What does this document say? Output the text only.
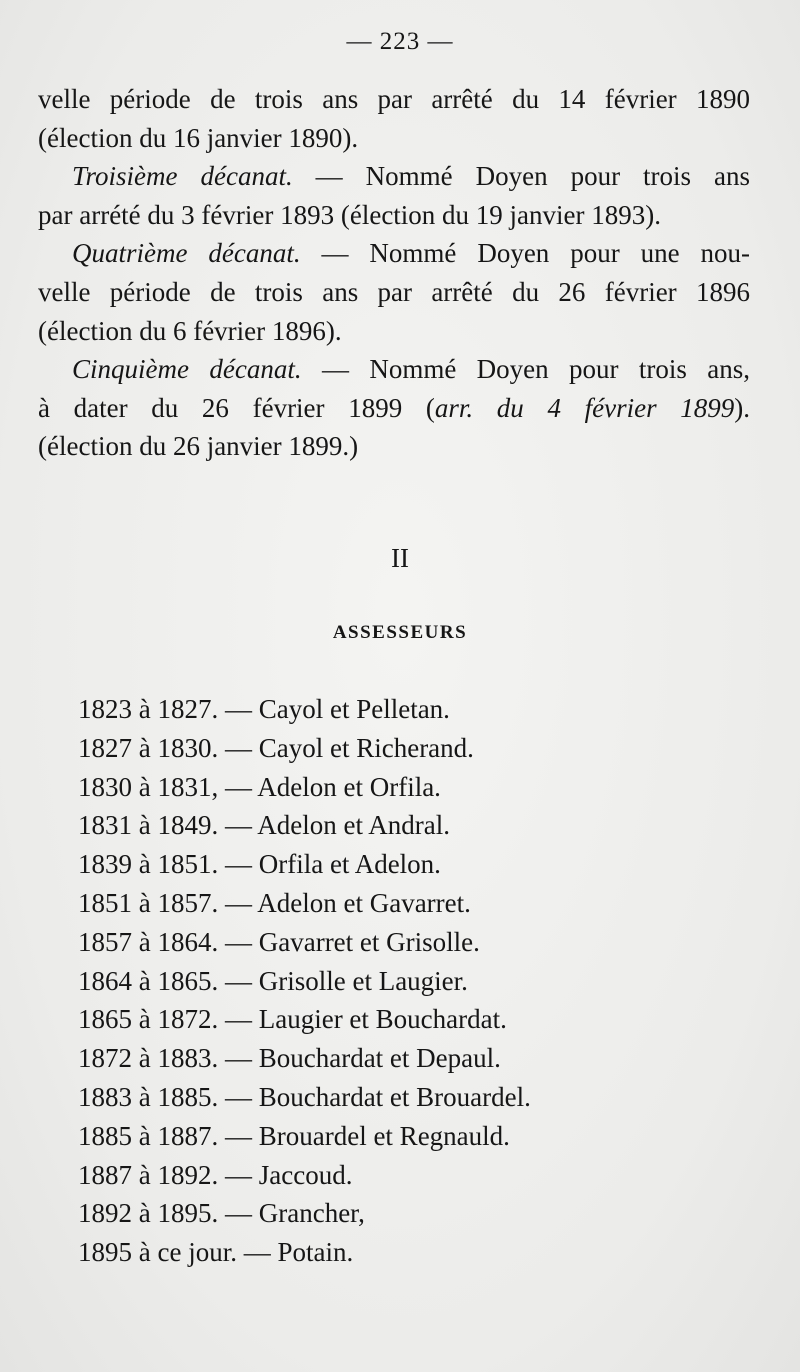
— 223 —
velle période de trois ans par arrêté du 14 février 1890
(élection du 16 janvier 1890).
Troisième décanat. — Nommé Doyen pour trois ans
par arrété du 3 février 1893 (élection du 19 janvier 1893).
Quatrième décanat. — Nommé Doyen pour une nou-
velle période de trois ans par arrêté du 26 février 1896
(élection du 6 février 1896).
Cinquième décanat. — Nommé Doyen pour trois ans,
à dater du 26 février 1899 (arr. du 4 février 1899).
(élection du 26 janvier 1899.)
II
ASSESSEURS
1823 à 1827. — Cayol et Pelletan.
1827 à 1830. — Cayol et Richerand.
1830 à 1831, — Adelon et Orfila.
1831 à 1849. — Adelon et Andral.
1839 à 1851. — Orfila et Adelon.
1851 à 1857. — Adelon et Gavarret.
1857 à 1864. — Gavarret et Grisolle.
1864 à 1865. — Grisolle et Laugier.
1865 à 1872. — Laugier et Bouchardat.
1872 à 1883. — Bouchardat et Depaul.
1883 à 1885. — Bouchardat et Brouardel.
1885 à 1887. — Brouardel et Regnauld.
1887 à 1892. — Jaccoud.
1892 à 1895. — Grancher,
1895 à ce jour. — Potain.
